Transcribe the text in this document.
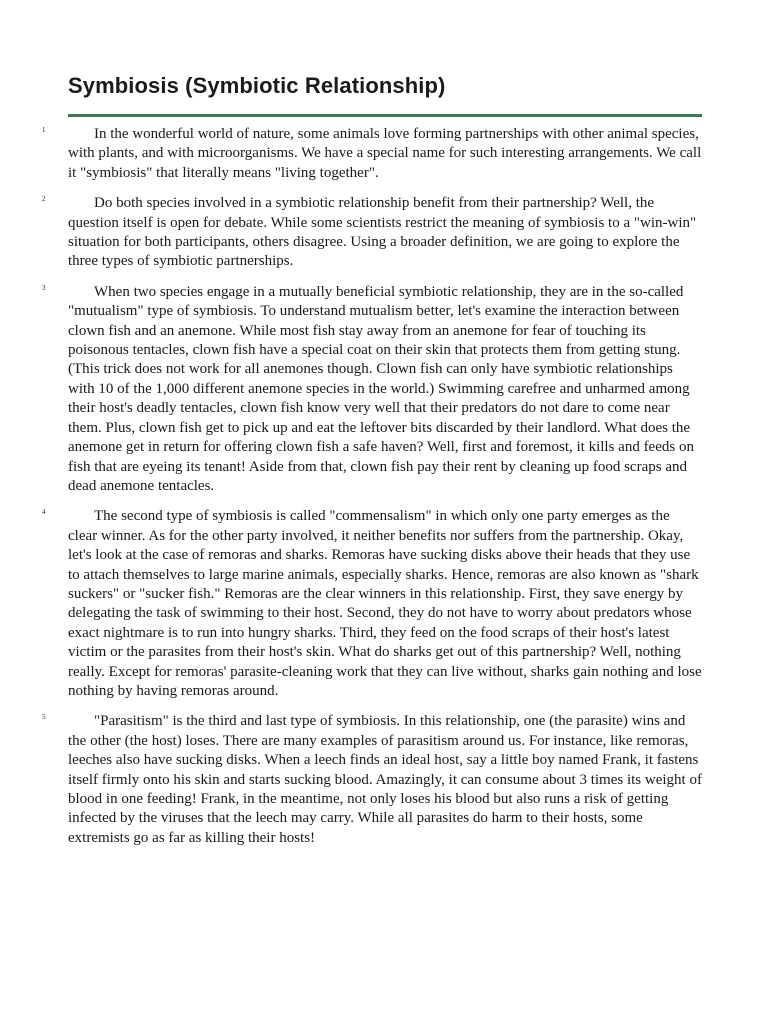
Symbiosis (Symbiotic Relationship)

1	In the wonderful world of nature, some animals love forming partnerships with other animal species, with plants, and with microorganisms. We have a special name for such interesting arrangements. We call it "symbiosis" that literally means "living together".

2	Do both species involved in a symbiotic relationship benefit from their partnership? Well, the question itself is open for debate. While some scientists restrict the meaning of symbiosis to a "win-win" situation for both participants, others disagree. Using a broader definition, we are going to explore the three types of symbiotic partnerships.

3	When two species engage in a mutually beneficial symbiotic relationship, they are in the so-called "mutualism" type of symbiosis. To understand mutualism better, let's examine the interaction between clown fish and an anemone. While most fish stay away from an anemone for fear of touching its poisonous tentacles, clown fish have a special coat on their skin that protects them from getting stung. (This trick does not work for all anemones though. Clown fish can only have symbiotic relationships with 10 of the 1,000 different anemone species in the world.) Swimming carefree and unharmed among their host's deadly tentacles, clown fish know very well that their predators do not dare to come near them. Plus, clown fish get to pick up and eat the leftover bits discarded by their landlord. What does the anemone get in return for offering clown fish a safe haven? Well, first and foremost, it kills and feeds on fish that are eyeing its tenant! Aside from that, clown fish pay their rent by cleaning up food scraps and dead anemone tentacles.

4	The second type of symbiosis is called "commensalism" in which only one party emerges as the clear winner. As for the other party involved, it neither benefits nor suffers from the partnership. Okay, let's look at the case of remoras and sharks. Remoras have sucking disks above their heads that they use to attach themselves to large marine animals, especially sharks. Hence, remoras are also known as "shark suckers" or "sucker fish." Remoras are the clear winners in this relationship. First, they save energy by delegating the task of swimming to their host. Second, they do not have to worry about predators whose exact nightmare is to run into hungry sharks. Third, they feed on the food scraps of their host's latest victim or the parasites from their host's skin. What do sharks get out of this partnership? Well, nothing really. Except for remoras' parasite-cleaning work that they can live without, sharks gain nothing and lose nothing by having remoras around.

5	"Parasitism" is the third and last type of symbiosis. In this relationship, one (the parasite) wins and the other (the host) loses. There are many examples of parasitism around us. For instance, like remoras, leeches also have sucking disks. When a leech finds an ideal host, say a little boy named Frank, it fastens itself firmly onto his skin and starts sucking blood. Amazingly, it can consume about 3 times its weight of blood in one feeding! Frank, in the meantime, not only loses his blood but also runs a risk of getting infected by the viruses that the leech may carry. While all parasites do harm to their hosts, some extremists go as far as killing their hosts!
